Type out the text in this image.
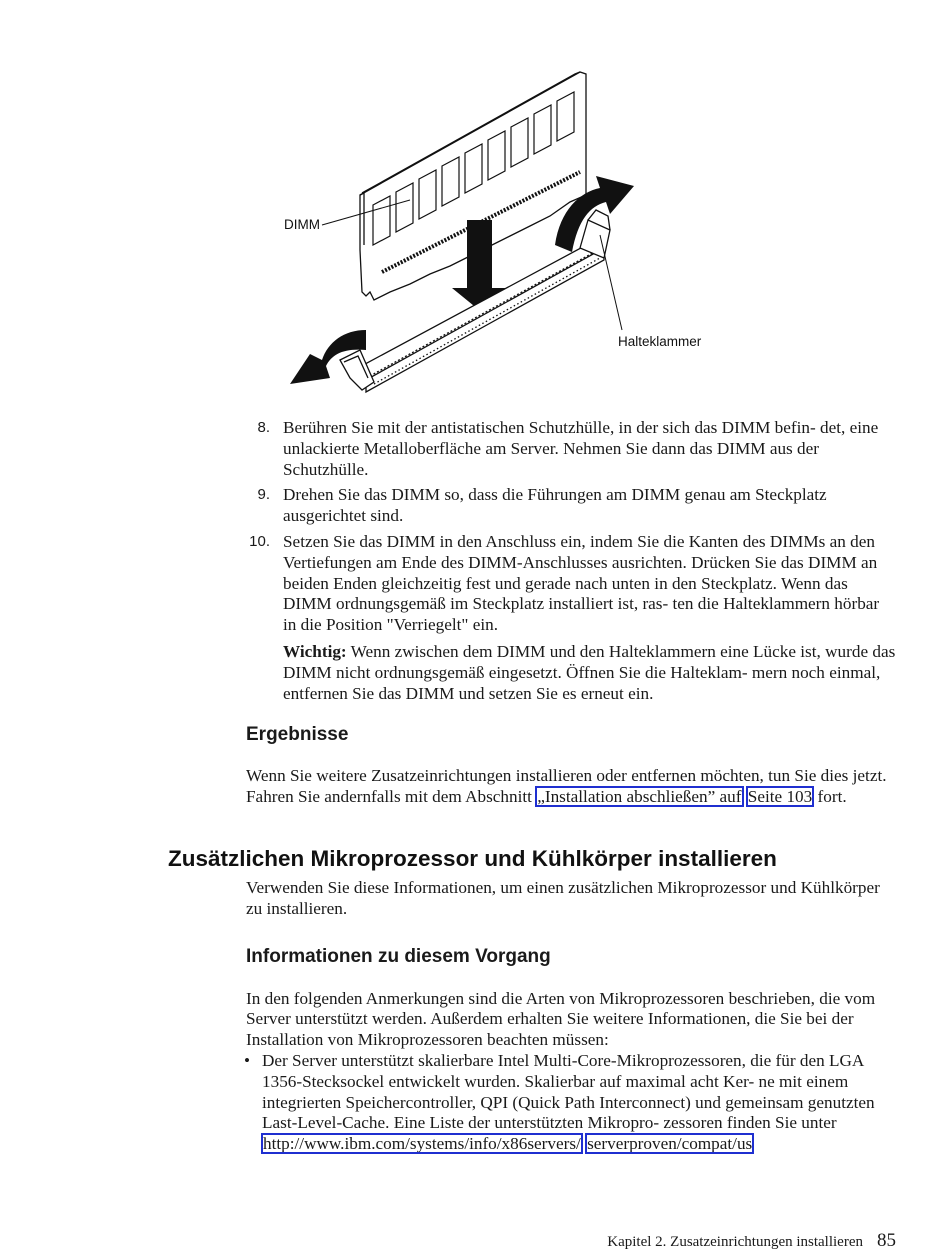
DIMM
Halteklammer
8. Berühren Sie mit der antistatischen Schutzhülle, in der sich das DIMM befin- det, eine unlackierte Metalloberfläche am Server. Nehmen Sie dann das DIMM aus der Schutzhülle.
9. Drehen Sie das DIMM so, dass die Führungen am DIMM genau am Steckplatz ausgerichtet sind.
10. Setzen Sie das DIMM in den Anschluss ein, indem Sie die Kanten des DIMMs an den Vertiefungen am Ende des DIMM-Anschlusses ausrichten. Drücken Sie das DIMM an beiden Enden gleichzeitig fest und gerade nach unten in den Steckplatz. Wenn das DIMM ordnungsgemäß im Steckplatz installiert ist, ras- ten die Halteklammern hörbar in die Position "Verriegelt" ein.
Wichtig: Wenn zwischen dem DIMM und den Halteklammern eine Lücke ist, wurde das DIMM nicht ordnungsgemäß eingesetzt. Öffnen Sie die Halteklam- mern noch einmal, entfernen Sie das DIMM und setzen Sie es erneut ein.
Ergebnisse

Wenn Sie weitere Zusatzeinrichtungen installieren oder entfernen möchten, tun Sie dies jetzt. Fahren Sie andernfalls mit dem Abschnitt „Installation abschließen” auf Seite 103 fort.

Zusätzlichen Mikroprozessor und Kühlkörper installieren

Verwenden Sie diese Informationen, um einen zusätzlichen Mikroprozessor und Kühlkörper zu installieren.

Informationen zu diesem Vorgang

In den folgenden Anmerkungen sind die Arten von Mikroprozessoren beschrieben, die vom Server unterstützt werden. Außerdem erhalten Sie weitere Informationen, die Sie bei der Installation von Mikroprozessoren beachten müssen:

• Der Server unterstützt skalierbare Intel Multi-Core-Mikroprozessoren, die für den LGA 1356-Stecksockel entwickelt wurden. Skalierbar auf maximal acht Ker- ne mit einem integrierten Speichercontroller, QPI (Quick Path Interconnect) und gemeinsam genutzten Last-Level-Cache. Eine Liste der unterstützten Mikropro- zessoren finden Sie unter http://www.ibm.com/systems/info/x86servers/ serverproven/compat/us
Kapitel 2. Zusatzeinrichtungen installieren 85
